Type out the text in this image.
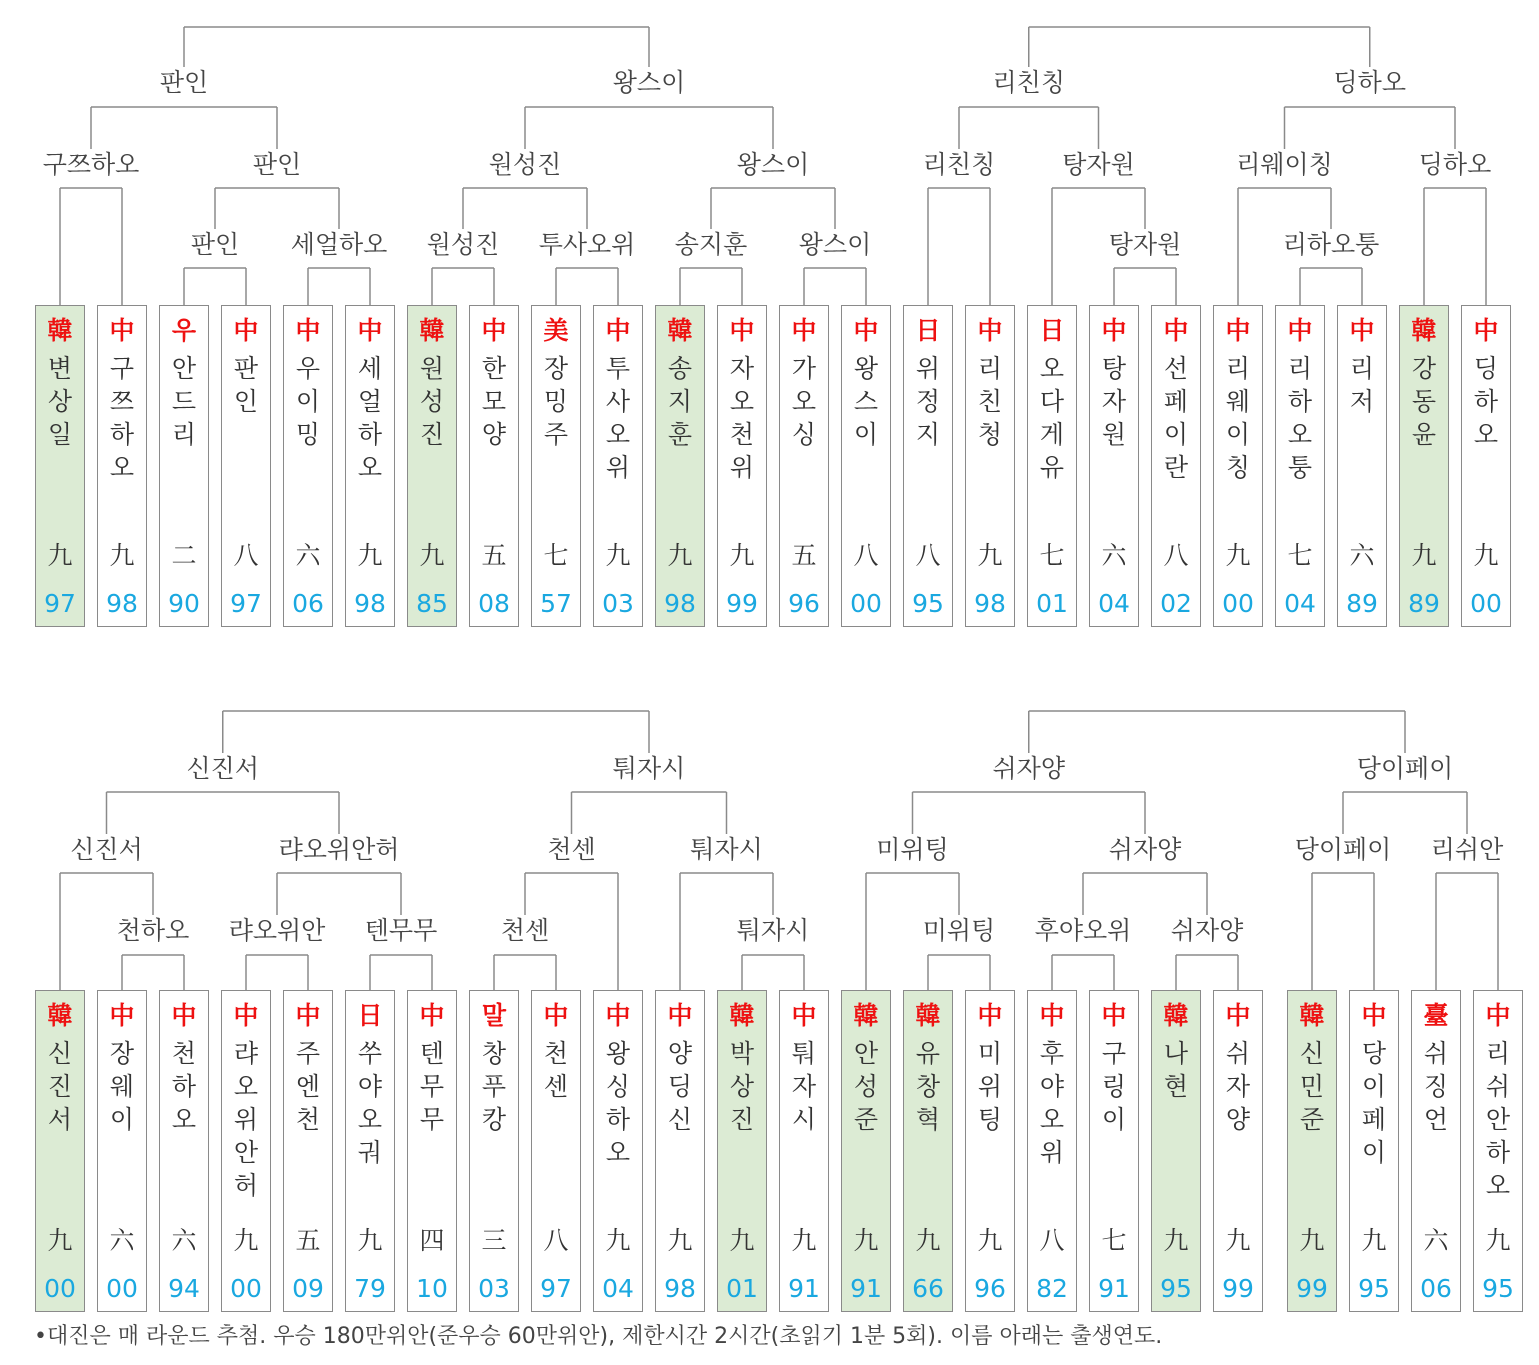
韓
변
상
일
九
97
中
구
쯔
하
오
九
98
우
안
드
리
二
90
中
판
인
八
97
中
우
이
밍
六
06
中
세
얼
하
오
九
98
韓
원
성
진
九
85
中
한
모
양
五
08
美
장
밍
주
七
57
中
투
사
오
위
九
03
韓
송
지
훈
九
98
中
자
오
천
위
九
99
中
가
오
싱
五
96
中
왕
스
이
八
00
日
위
정
지
八
95
中
리
친
청
九
98
日
오
다
게
유
七
01
中
탕
자
원
六
04
中
선
페
이
란
八
02
中
리
웨
이
칭
九
00
中
리
하
오
퉁
七
04
中
리
저
六
89
韓
강
동
윤
九
89
中
딩
하
오
九
00
韓
신
진
서
九
00
中
장
웨
이
六
00
中
천
하
오
六
94
中
랴
오
위
안
허
九
00
中
주
엔
천
五
09
日
쑤
야
오
궈
九
79
中
텐
무
무
四
10
말
창
푸
캉
三
03
中
천
센
八
97
中
왕
싱
하
오
九
04
中
양
딩
신
九
98
韓
박
상
진
九
01
中
퉈
자
시
九
91
韓
안
성
준
九
91
韓
유
창
혁
九
66
中
미
위
팅
九
96
中
후
야
오
위
八
82
中
구
링
이
七
91
韓
나
현
九
95
中
쉬
자
양
九
99
韓
신
민
준
九
99
中
당
이
페
이
九
95
臺
쉬
징
언
六
06
中
리
쉬
안
하
오
九
95
판인 세얼하오 원성진 투사오위 송지훈 왕스이	탕자원	리하오퉁
구쯔하오	판인	원성진	왕스이	리친칭	탕자원	리웨이칭	딩하오
판인	왕스이	리친칭	딩하오
천하오 랴오위안 텐무무	천센	퉈자시	미위팅 후야오위 쉬자양
신진서	랴오위안허	천센	퉈자시	미위팅	쉬자양	당이페이 리쉬안
신진서	퉈자시	쉬자양	당이페이
•대진은 매 라운드 추첨. 우승 180만위안(준우승 60만위안), 제한시간 2시간(초읽기 1분 5회). 이름 아래는 출생연도.
